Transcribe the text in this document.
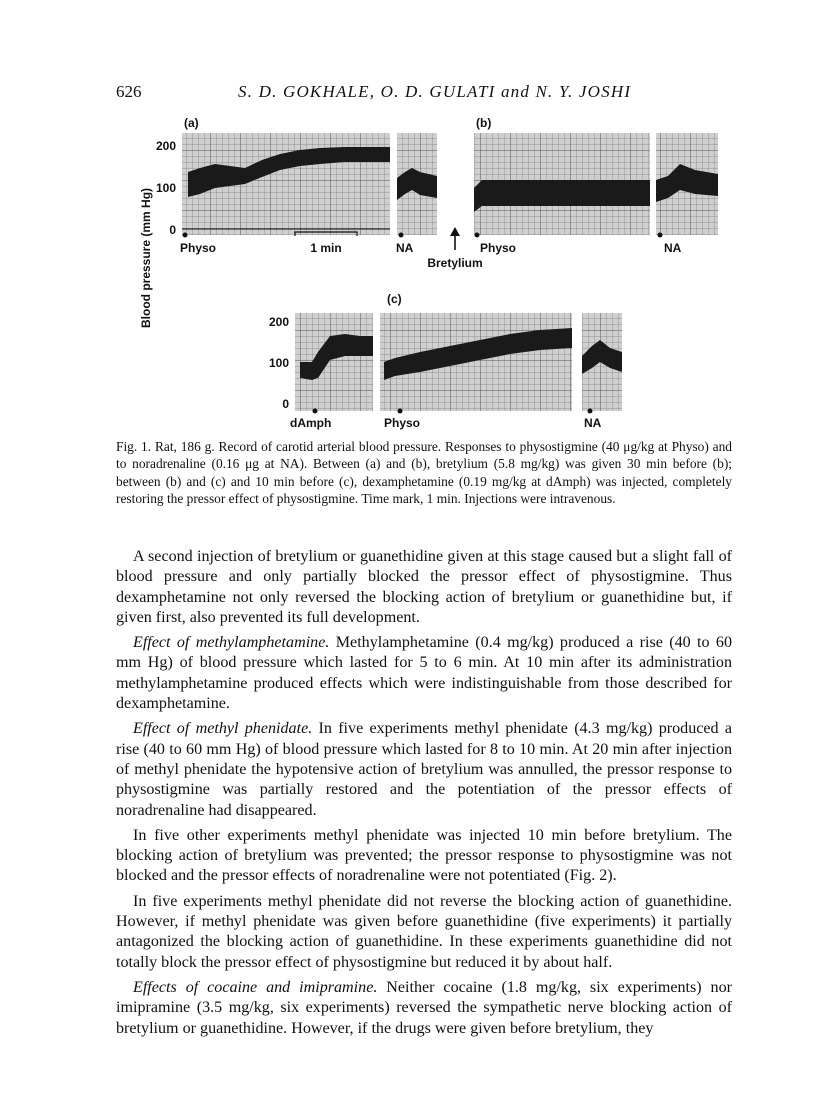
626	S. D. GOKHALE, O. D. GULATI and N. Y. JOSHI
200
100
0
Blood pressure (mm Hg)
(a)	(b)
(c)
Physo	1 min	NA	Physo	NA
Bretylium
200
100
0
dAmph	Physo	NA
Fig. 1. Rat, 186 g. Record of carotid arterial blood pressure. Responses to physostigmine (40 μg/kg at Physo) and to noradrenaline (0.16 μg at NA). Between (a) and (b), bretylium (5.8 mg/kg) was given 30 min before (b); between (b) and (c) and 10 min before (c), dexamphetamine (0.19 mg/kg at dAmph) was injected, completely restoring the pressor effect of physostigmine. Time mark, 1 min. Injections were intravenous.

A second injection of bretylium or guanethidine given at this stage caused but a slight fall of blood pressure and only partially blocked the pressor effect of physostigmine. Thus dexamphetamine not only reversed the blocking action of bretylium or guanethidine but, if given first, also prevented its full development.

Effect of methylamphetamine. Methylamphetamine (0.4 mg/kg) produced a rise (40 to 60 mm Hg) of blood pressure which lasted for 5 to 6 min. At 10 min after its administration methylamphetamine produced effects which were indistinguishable from those described for dexamphetamine.

Effect of methyl phenidate. In five experiments methyl phenidate (4.3 mg/kg) produced a rise (40 to 60 mm Hg) of blood pressure which lasted for 8 to 10 min. At 20 min after injection of methyl phenidate the hypotensive action of bretylium was annulled, the pressor response to physostigmine was partially restored and the potentiation of the pressor effects of noradrenaline had disappeared.

In five other experiments methyl phenidate was injected 10 min before bretylium. The blocking action of bretylium was prevented; the pressor response to physostigmine was not blocked and the pressor effects of noradrenaline were not potentiated (Fig. 2).

In five experiments methyl phenidate did not reverse the blocking action of guanethidine. However, if methyl phenidate was given before guanethidine (five experiments) it partially antagonized the blocking action of guanethidine. In these experiments guanethidine did not totally block the pressor effect of physostigmine but reduced it by about half.

Effects of cocaine and imipramine. Neither cocaine (1.8 mg/kg, six experiments) nor imipramine (3.5 mg/kg, six experiments) reversed the sympathetic nerve blocking action of bretylium or guanethidine. However, if the drugs were given before bretylium, they
